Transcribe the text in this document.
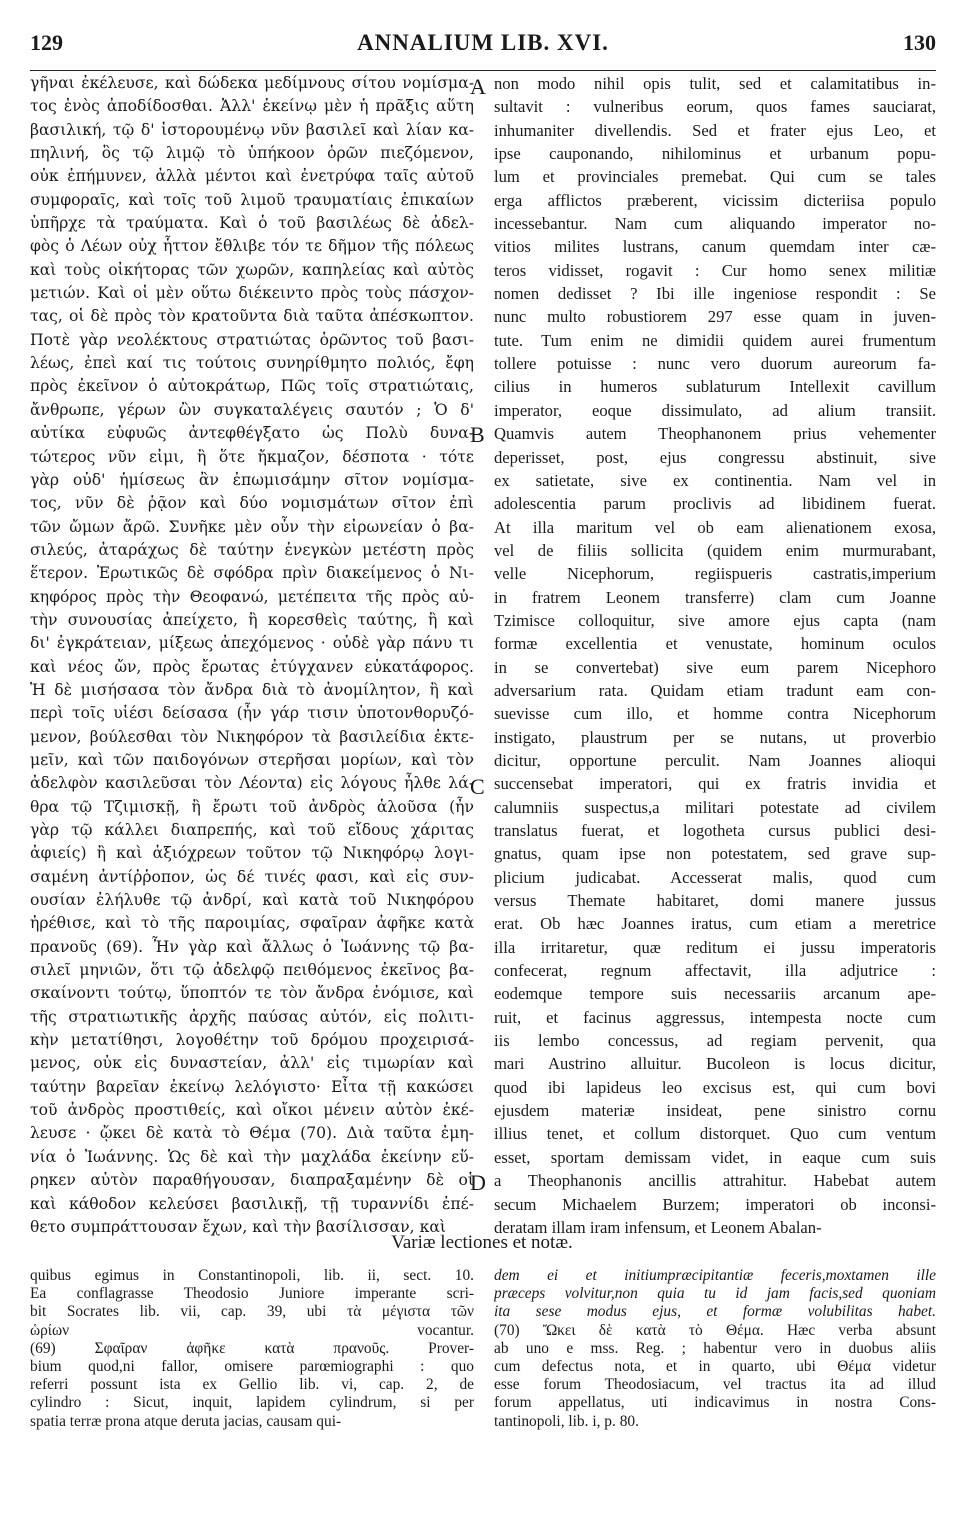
129	ANNALIUM LIB. XVI.	130
γῆναι ἐκέλευσε, καὶ δώδεκα μεδίμνους σίτου νομίσμα-
τος ἑνὸς ἀποδίδοσθαι. Ἀλλ' ἐκείνῳ μὲν ἡ πρᾶξις αὕτη
βασιλική, τῷ δ' ἱστορουμένῳ νῦν βασιλεῖ καὶ λίαν κα-
πηλινή, ὃς τῷ λιμῷ τὸ ὑπήκοον ὁρῶν πιεζόμενον,
οὐκ ἐπήμυνεν, ἀλλὰ μέντοι καὶ ἐνετρύφα ταῖς αὐτοῦ
συμφοραῖς, καὶ τοῖς τοῦ λιμοῦ τραυματίαις ἐπικαίων
ὑπῆρχε τὰ τραύματα. Καὶ ὁ τοῦ βασιλέως δὲ ἀδελ-
φὸς ὁ Λέων οὐχ ἧττον ἔθλιβε τόν τε δῆμον τῆς πόλεως
καὶ τοὺς οἰκήτορας τῶν χωρῶν, καπηλείας καὶ αὐτὸς
μετιών. Καὶ οἱ μὲν οὕτω διέκειντο πρὸς τοὺς πάσχον-
τας, οἱ δὲ πρὸς τὸν κρατοῦντα διὰ ταῦτα ἀπέσκωπτον.
Ποτὲ γὰρ νεολέκτους στρατιώτας ὁρῶντος τοῦ βασι-
λέως, ἐπεὶ καί τις τούτοις συνηρίθμητο πολιός, ἔφη
πρὸς ἐκεῖνον ὁ αὐτοκράτωρ, Πῶς τοῖς στρατιώταις,
ἄνθρωπε, γέρων ὢν συγκαταλέγεις σαυτόν ; Ὁ δ'
αὐτίκα εὐφυῶς ἀντεφθέγξατο ὡς Πολὺ δυνα-
τώτερος νῦν εἰμι, ἢ ὅτε ἤκμαζον, δέσποτα · τότε
γὰρ οὐδ' ἡμίσεως ἂν ἐπωμισάμην σῖτον νομίσμα-
τος, νῦν δὲ ῥᾷον καὶ δύο νομισμάτων σῖτον ἐπὶ
τῶν ὤμων ἄρῶ. Συνῆκε μὲν οὖν τὴν εἰρωνείαν ὁ βα-
σιλεύς, ἀταράχως δὲ ταύτην ἐνεγκὼν μετέστη πρὸς
ἕτερον. Ἐρωτικῶς δὲ σφόδρα πρὶν διακείμενος ὁ Νι-
κηφόρος πρὸς τὴν Θεοφανώ, μετέπειτα τῆς πρὸς αὐ-
τὴν συνουσίας ἀπείχετο, ἢ κορεσθεὶς ταύτης, ἢ καὶ
δι' ἐγκράτειαν, μίξεως ἀπεχόμενος · οὐδὲ γὰρ πάνυ τι
καὶ νέος ὤν, πρὸς ἔρωτας ἐτύγχανεν εὐκατάφορος.
Ἡ δὲ μισήσασα τὸν ἄνδρα διὰ τὸ ἀνομίλητον, ἢ καὶ
περὶ τοῖς υἱέσι δείσασα (ἦν γάρ τισιν ὑποτονθορυζό-
μενον, βούλεσθαι τὸν Νικηφόρον τὰ βασιλείδια ἐκτε-
μεῖν, καὶ τῶν παιδογόνων στερῆσαι μορίων, καὶ τὸν
ἀδελφὸν κασιλεῦσαι τὸν Λέοντα) εἰς λόγους ἦλθε λά-
θρα τῷ Τζιμισκῇ, ἢ ἔρωτι τοῦ ἀνδρὸς ἁλοῦσα (ἦν
γὰρ τῷ κάλλει διαπρεπής, καὶ τοῦ εἴδους χάριτας
ἀφιείς) ἢ καὶ ἀξιόχρεων τοῦτον τῷ Νικηφόρῳ λογι-
σαμένη ἀντίῤῥοπον, ὡς δέ τινές φασι, καὶ εἰς συν-
ουσίαν ἐλήλυθε τῷ ἀνδρί, καὶ κατὰ τοῦ Νικηφόρου
ἠρέθισε, καὶ τὸ τῆς παροιμίας, σφαῖραν ἀφῆκε κατὰ
πρανοῦς (69). Ἦν γὰρ καὶ ἄλλως ὁ Ἰωάννης τῷ βα-
σιλεῖ μηνιῶν, ὅτι τῷ ἀδελφῷ πειθόμενος ἐκεῖνος βα-
σκαίνοντι τούτῳ, ὕποπτόν τε τὸν ἄνδρα ἐνόμισε, καὶ
τῆς στρατιωτικῆς ἀρχῆς παύσας αὐτόν, εἰς πολιτι-
κὴν μετατίθησι, λογοθέτην τοῦ δρόμου προχειρισά-
μενος, οὐκ εἰς δυναστείαν, ἀλλ' εἰς τιμωρίαν καὶ
ταύτην βαρεῖαν ἐκείνῳ λελόγιστο· Εἶτα τῇ κακώσει
τοῦ ἀνδρὸς προστιθείς, καὶ οἴκοι μένειν αὐτὸν ἐκέ-
λευσε · ᾤκει δὲ κατὰ τὸ Θέμα (70). Διὰ ταῦτα ἐμη-
νία ὁ Ἰωάννης. Ὡς δὲ καὶ τὴν μαχλάδα ἐκείνην εὕ-
ρηκεν αὐτὸν παραθήγουσαν, διαπραξαμένην δὲ οἱ
καὶ κάθοδον κελεύσει βασιλικῇ, τῇ τυραννίδι ἐπέ-
θετο συμπράττουσαν ἔχων, καὶ τὴν βασίλισσαν, καὶ
non modo nihil opis tulit, sed et calamitatibus in-
sultavit : vulneribus eorum, quos fames sauciarat,
inhumaniter divellendis. Sed et frater ejus Leo, et
ipse cauponando, nihilominus et urbanum popu-
lum et provinciales premebat. Qui cum se tales
erga afflictos præberent, vicissim dicteriisa populo
incessebantur. Nam cum aliquando imperator no-
vitios milites lustrans, canum quemdam inter cæ-
teros vidisset, rogavit : Cur homo senex militiæ
nomen dedisset ? Ibi ille ingeniose respondit : Se
nunc multo robustiorem 297 esse quam in juven-
tute. Tum enim ne dimidii quidem aurei frumentum
tollere potuisse : nunc vero duorum aureorum fa-
cilius in humeros sublaturum Intellexit cavillum
imperator, eoque dissimulato, ad alium transiit.
Quamvis autem Theophanonem prius vehementer
deperisset, post, ejus congressu abstinuit, sive
ex satietate, sive ex continentia. Nam vel in
adolescentia parum proclivis ad libidinem fuerat.
At illa maritum vel ob eam alienationem exosa,
vel de filiis sollicita (quidem enim murmurabant,
velle Nicephorum, regiispueris castratis,imperium
in fratrem Leonem transferre) clam cum Joanne
Tzimisce colloquitur, sive amore ejus capta (nam
formæ excellentia et venustate, hominum oculos
in se convertebat) sive eum parem Nicephoro
adversarium rata. Quidam etiam tradunt eam con-
suevisse cum illo, et homme contra Nicephorum
instigato, plaustrum per se nutans, ut proverbio
dicitur, opportune perculit. Nam Joannes alioqui
succensebat imperatori, qui ex fratris invidia et
calumniis suspectus,a militari potestate ad civilem
translatus fuerat, et logotheta cursus publici desi-
gnatus, quam ipse non potestatem, sed grave sup-
plicium judicabat. Accesserat malis, quod cum
versus Themate habitaret, domi manere jussus
erat. Ob hæc Joannes iratus, cum etiam a meretrice
illa irritaretur, quæ reditum ei jussu imperatoris
confecerat, regnum affectavit, illa adjutrice :
eodemque tempore suis necessariis arcanum ape-
ruit, et facinus aggressus, intempesta nocte cum
iis lembo concessus, ad regiam pervenit, qua
mari Austrino alluitur. Bucoleon is locus dicitur,
quod ibi lapideus leo excisus est, qui cum bovi
ejusdem materiæ insideat, pene sinistro cornu
illius tenet, et collum distorquet. Quo cum ventum
esset, sportam demissam videt, in eaque cum suis
a Theophanonis ancillis attrahitur. Habebat autem
secum Michaelem Burzem; imperatori ob inconsi-
deratam illam iram infensum, et Leonem Abalan-
A
B
C
D
Variæ lectiones et notæ.
quibus egimus in Constantinopoli, lib. ii, sect. 10.
Ea conflagrasse Theodosio Juniore imperante scri-
bit Socrates lib. vii, cap. 39, ubi τὰ μέγιστα τῶν
ὡρίων vocantur.
(69) Σφαῖραν ἀφῆκε κατὰ πρανοῦς. Prover-
bium quod,ni fallor, omisere parœmiographi : quo
referri possunt ista ex Gellio lib. vi, cap. 2, de
cylindro : Sicut, inquit, lapidem cylindrum, si per
spatia terræ prona atque deruta jacias, causam qui-
dem ei et initiumpræcipitantiæ feceris,moxtamen ille
præceps volvitur,non quia tu id jam facis,sed quoniam
ita sese modus ejus, et formæ volubilitas habet.
(70) Ὤκει δὲ κατὰ τὸ Θέμα. Hæc verba absunt
ab uno e mss. Reg. ; habentur vero in duobus aliis
cum defectus nota, et in quarto, ubi Θέμα videtur
esse forum Theodosiacum, vel tractus ita ad illud
forum appellatus, uti indicavimus in nostra Cons-
tantinopoli, lib. i, p. 80.
